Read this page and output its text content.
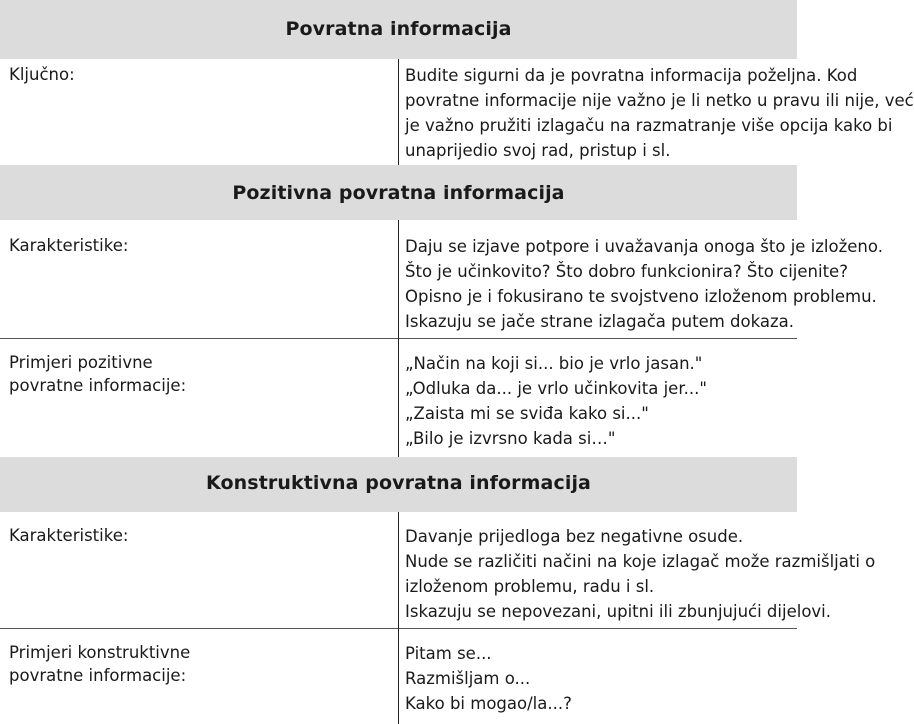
Povratna informacija	

Ključno:	Budite sigurni da je povratna informacija poželjna. Kod
povratne informacije nije važno je li netko u pravu ili nije, već
je važno pružiti izlagaču na razmatranje više opcija kako bi
unaprijedio svoj rad, pristup i sl.

Pozitivna povratna informacija	

Karakteristike:	Daju se izjave potpore i uvažavanja onoga što je izloženo.
Što je učinkovito? Što dobro funkcionira? Što cijenite?
Opisno je i fokusirano te svojstveno izloženom problemu.
Iskazuju se jače strane izlagača putem dokaza.

Primjeri pozitivne
povratne informacije:	„Način na koji si... bio je vrlo jasan."
„Odluka da... je vrlo učinkovita jer..."
„Zaista mi se sviđa kako si..."
„Bilo je izvrsno kada si…"

Konstruktivna povratna informacija	

Karakteristike:	Davanje prijedloga bez negativne osude.
Nude se različiti načini na koje izlagač može razmišljati o
izloženom problemu, radu i sl.
Iskazuju se nepovezani, upitni ili zbunjujući dijelovi.

Primjeri konstruktivne
povratne informacije:	Pitam se...
Razmišljam o...
Kako bi mogao/la...?
